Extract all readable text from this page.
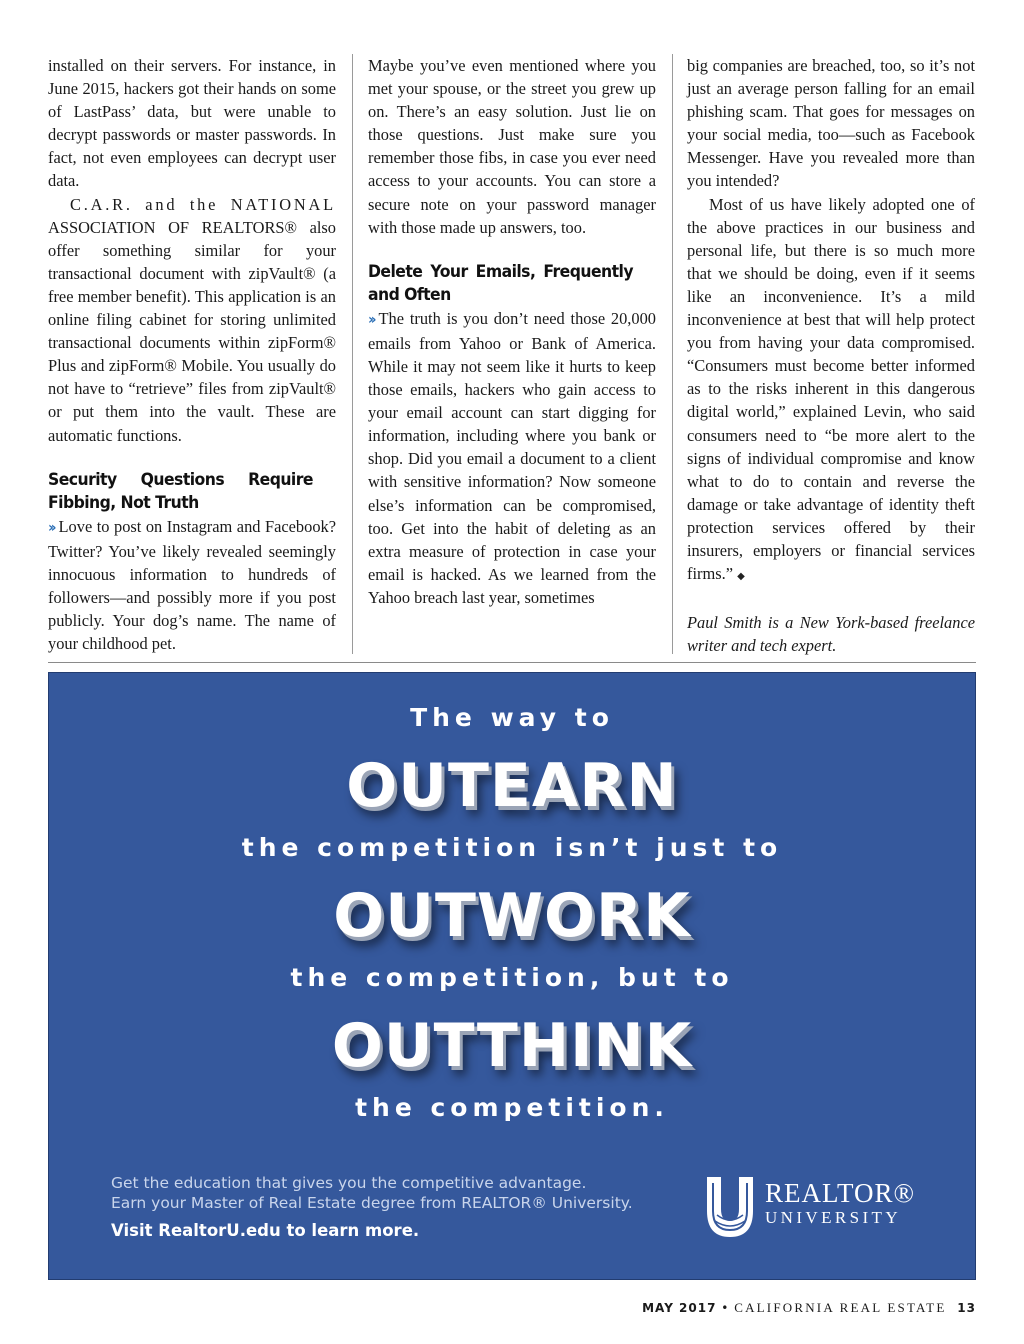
installed on their servers. For instance, in June 2015, hackers got their hands on some of LastPass’ data, but were unable to decrypt passwords or master passwords. In fact, not even employees can decrypt user data.

C.A.R. and the NATIONAL ASSOCIATION OF REALTORS® also offer something similar for your transactional document with zipVault® (a free member benefit). This application is an online filing cabinet for storing unlimited transactional documents within zipForm® Plus and zipForm® Mobile. You usually do not have to “retrieve” files from zipVault® or put them into the vault. These are automatic functions.

Security Questions Require Fibbing, Not Truth

›› Love to post on Instagram and Facebook? Twitter? You’ve likely revealed seemingly innocuous information to hundreds of followers—and possibly more if you post publicly. Your dog’s name. The name of your childhood pet.

Maybe you’ve even mentioned where you met your spouse, or the street you grew up on. There’s an easy solution. Just lie on those questions. Just make sure you remember those fibs, in case you ever need access to your accounts. You can store a secure note on your password manager with those made up answers, too.

Delete Your Emails, Frequently and Often

›› The truth is you don’t need those 20,000 emails from Yahoo or Bank of America. While it may not seem like it hurts to keep those emails, hackers who gain access to your email account can start digging for information, including where you bank or shop. Did you email a document to a client with sensitive information? Now someone else’s information can be compromised, too. Get into the habit of deleting as an extra measure of protection in case your email is hacked. As we learned from the Yahoo breach last year, sometimes

big companies are breached, too, so it’s not just an average person falling for an email phishing scam. That goes for messages on your social media, too—such as Facebook Messenger. Have you revealed more than you intended?

Most of us have likely adopted one of the above practices in our business and personal life, but there is so much more that we should be doing, even if it seems like an inconvenience. It’s a mild inconvenience at best that will help protect you from having your data compromised. “Consumers must become better informed as to the risks inherent in this dangerous digital world,” explained Levin, who said consumers need to “be more alert to the signs of individual compromise and know what to do to contain and reverse the damage or take advantage of identity theft protection services offered by their insurers, employers or financial services firms.” ◆

Paul Smith is a New York-based freelance writer and tech expert.

The way to
OUTEARN
the competition isn’t just to
OUTWORK
the competition, but to
OUTTHINK
the competition.
Get the education that gives you the competitive advantage.
Earn your Master of Real Estate degree from REALTOR® University.
Visit RealtorU.edu to learn more.
REALTOR®
UNIVERSITY
MAY 2017 • CALIFORNIA REAL ESTATE 13
